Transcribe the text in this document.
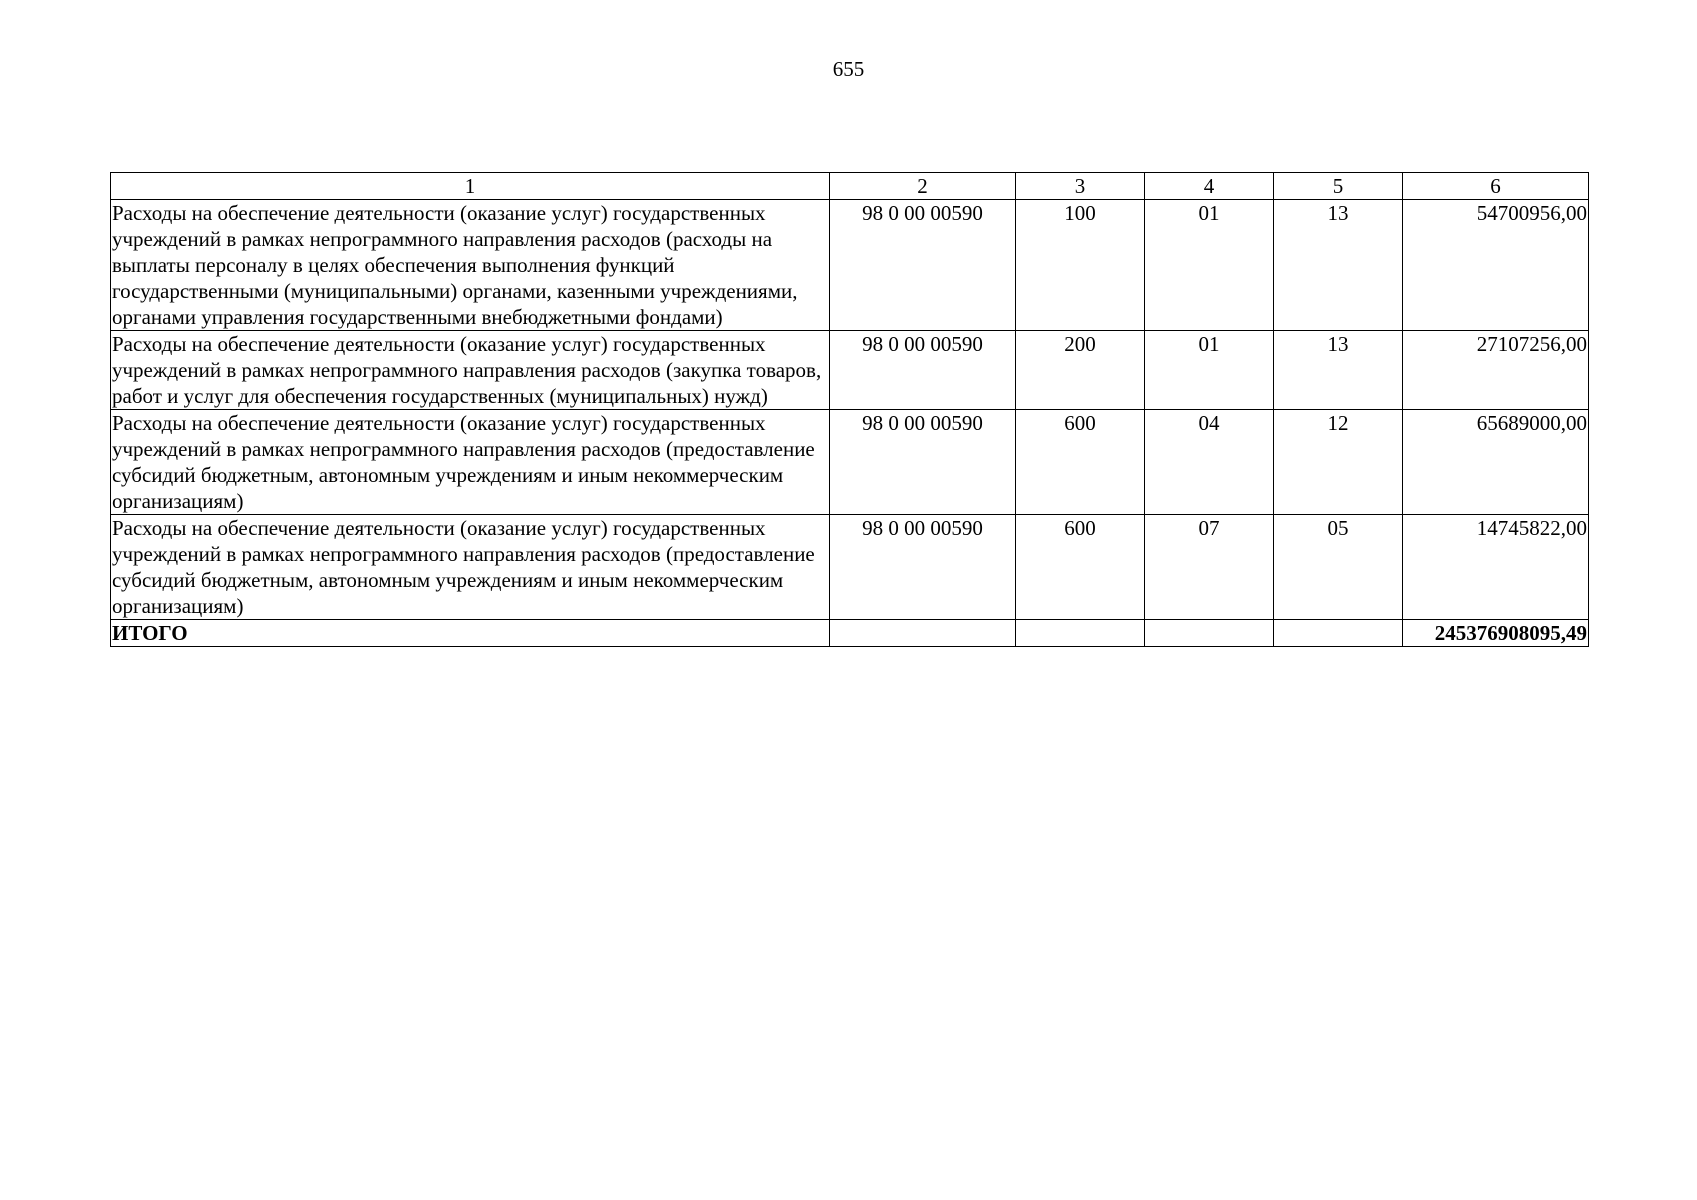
655
1	2	3	4	5	6
Расходы на обеспечение деятельности (оказание услуг) государственных учреждений в рамках непрограммного направления расходов (расходы на выплаты персоналу в целях обеспечения выполнения функций государственными (муниципальными) органами, казенными учреждениями, органами управления государственными внебюджетными фондами)	98 0 00 00590	100	01	13	54700956,00
Расходы на обеспечение деятельности (оказание услуг) государственных учреждений в рамках непрограммного направления расходов (закупка товаров, работ и услуг для обеспечения государственных (муниципальных) нужд)	98 0 00 00590	200	01	13	27107256,00
Расходы на обеспечение деятельности (оказание услуг) государственных учреждений в рамках непрограммного направления расходов (предоставление субсидий бюджетным, автономным учреждениям и иным некоммерческим организациям)	98 0 00 00590	600	04	12	65689000,00
Расходы на обеспечение деятельности (оказание услуг) государственных учреждений в рамках непрограммного направления расходов (предоставление субсидий бюджетным, автономным учреждениям и иным некоммерческим организациям)	98 0 00 00590	600	07	05	14745822,00
ИТОГО					245376908095,49
